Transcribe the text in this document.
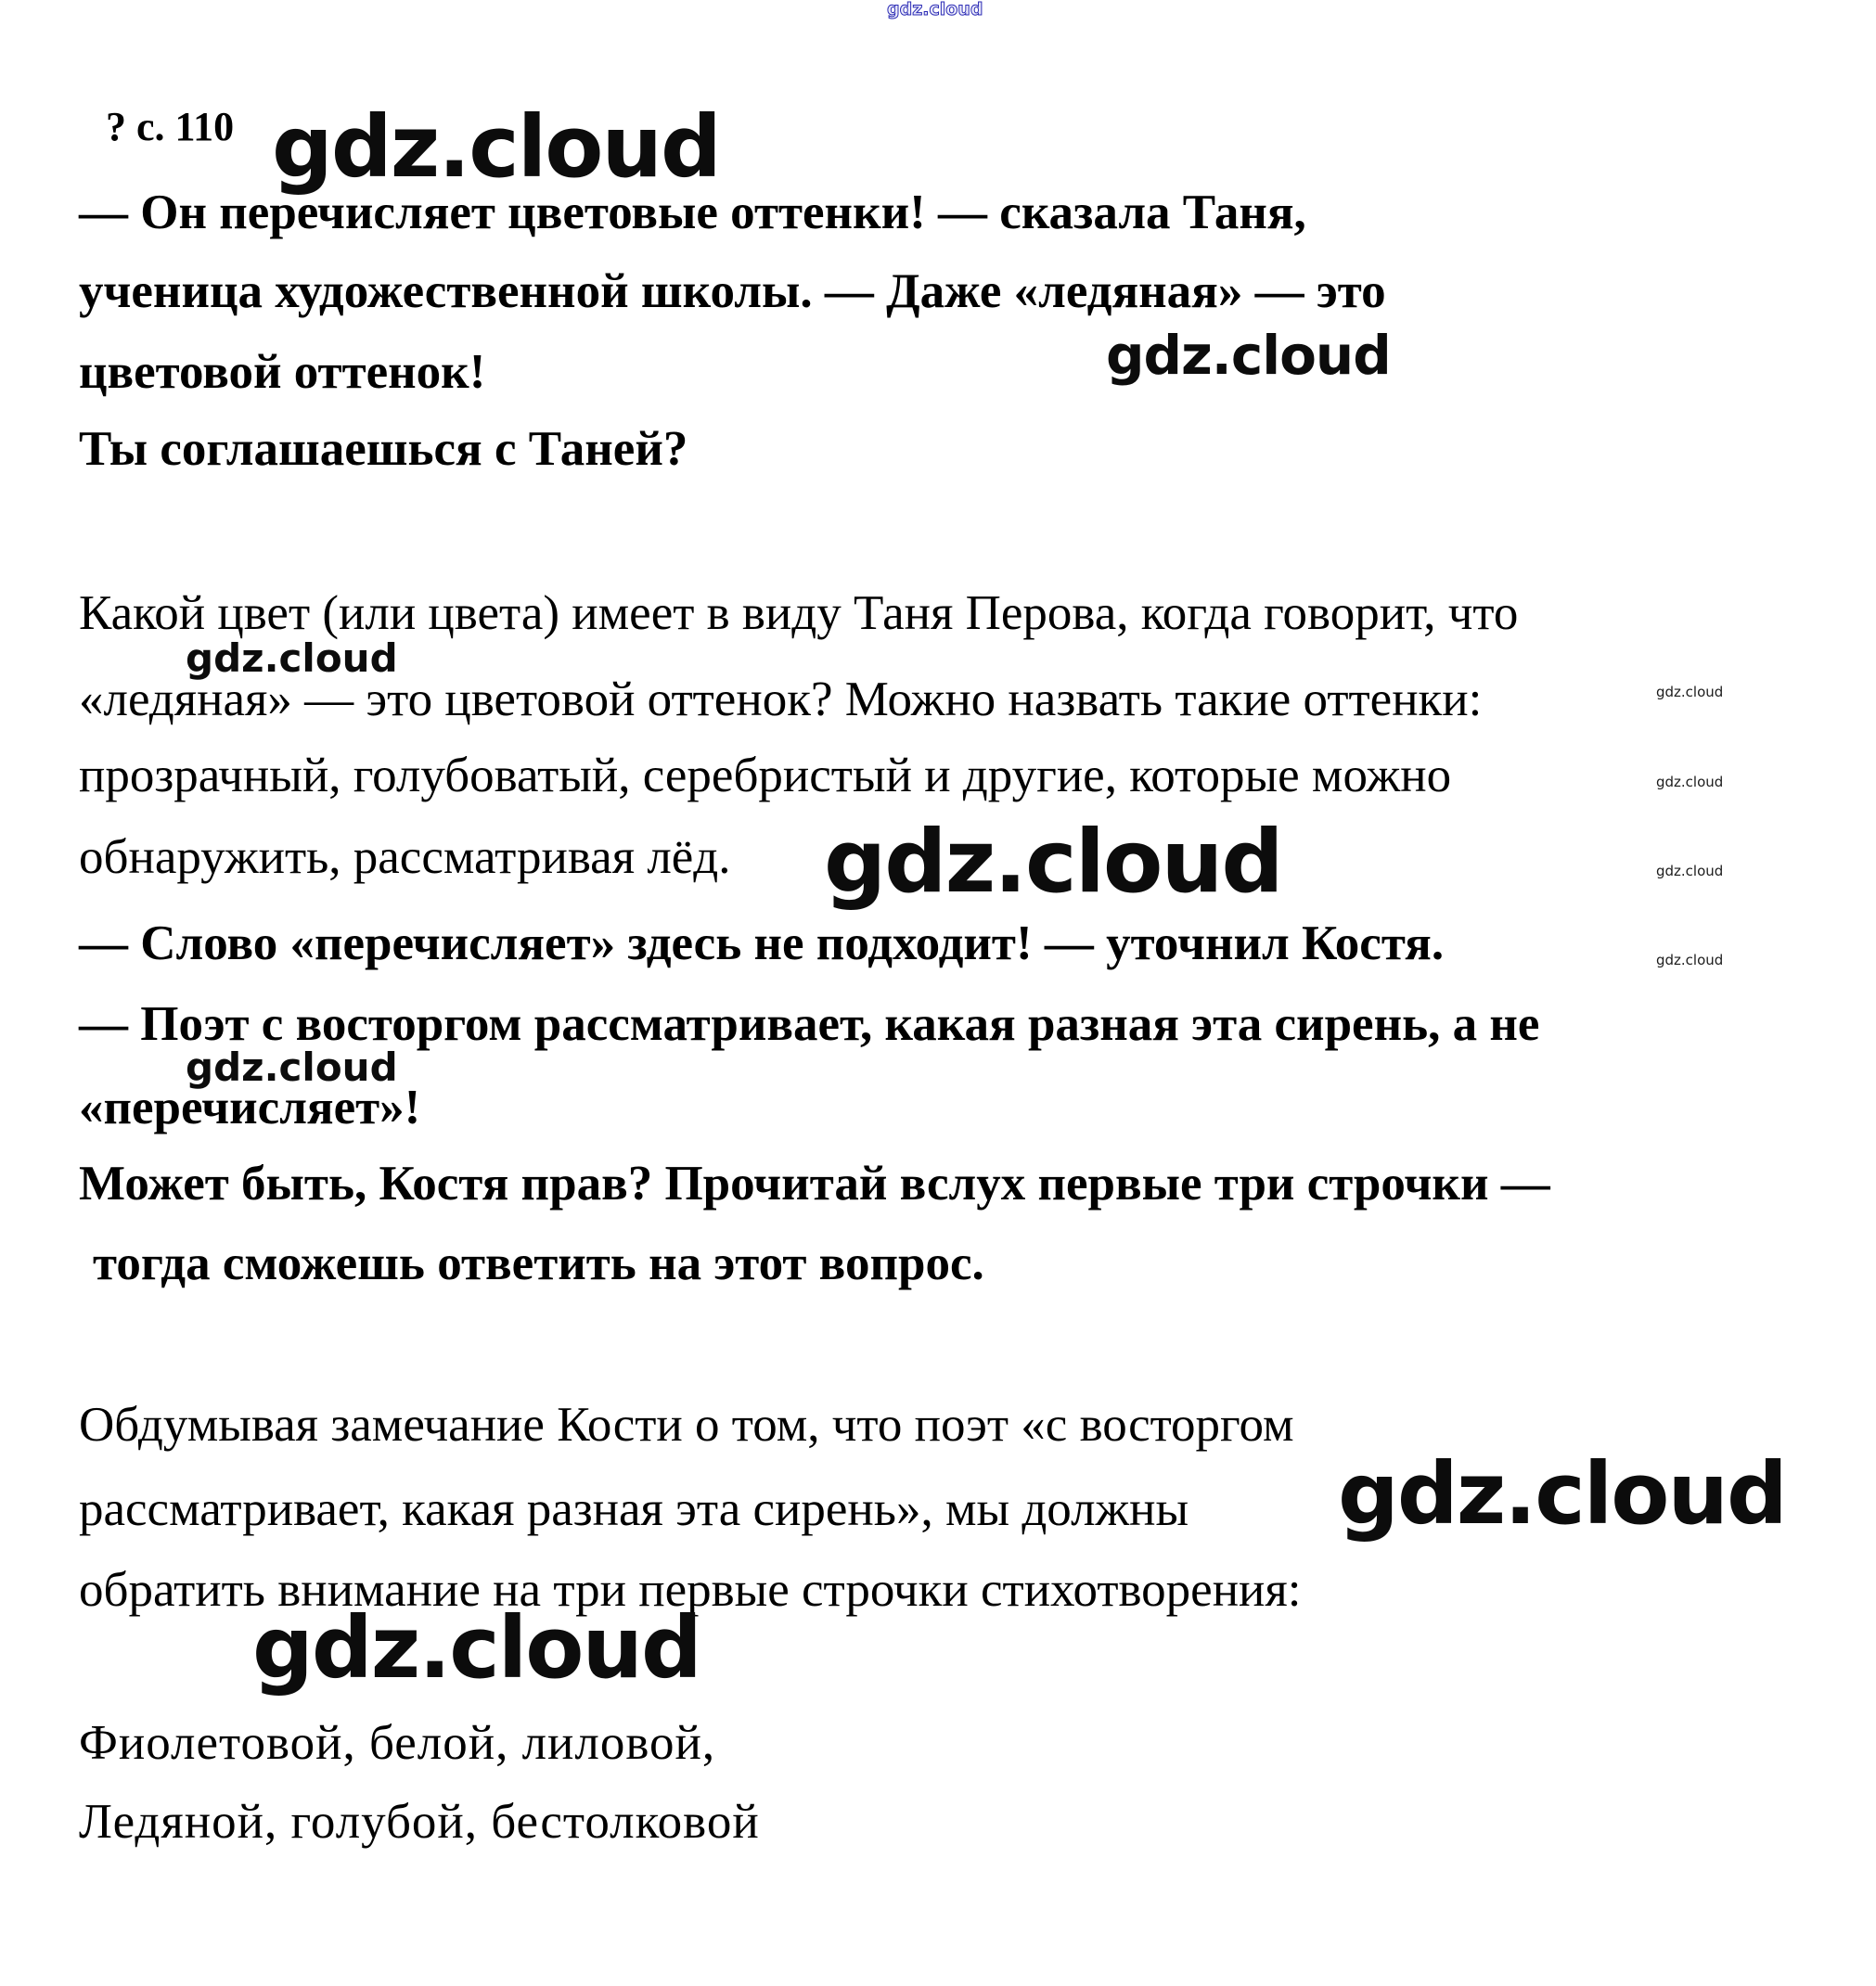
gdz.cloud
? с. 110 gdz.cloud
— Он перечисляет цветовые оттенки! — сказала Таня,
ученица художественной школы. — Даже «ледяная» — это
gdz.cloud
цветовой оттенок!
Ты соглашаешься с Таней?
Какой цвет (или цвета) имеет в виду Таня Перова, когда говорит, что
gdz.cloud
«ледяная» — это цветовой оттенок? Можно назвать такие оттенки:	gdz.cloud
прозрачный, голубоватый, серебристый и другие, которые можно	gdz.cloud
обнаружить, рассматривая лёд. gdz.cloud	gdz.cloud
— Слово «перечисляет» здесь не подходит! — уточнил Костя.	gdz.cloud
— Поэт с восторгом рассматривает, какая разная эта сирень, а не
gdz.cloud
«перечисляет»!
Может быть, Костя прав? Прочитай вслух первые три строчки —
тогда сможешь ответить на этот вопрос.
Обдумывая замечание Кости о том, что поэт «с восторгом
gdz.cloud
рассматривает, какая разная эта сирень», мы должны
обратить внимание на три первые строчки стихотворения:
gdz.cloud
Фиолетовой, белой, лиловой,
Ледяной, голубой, бестолковой
